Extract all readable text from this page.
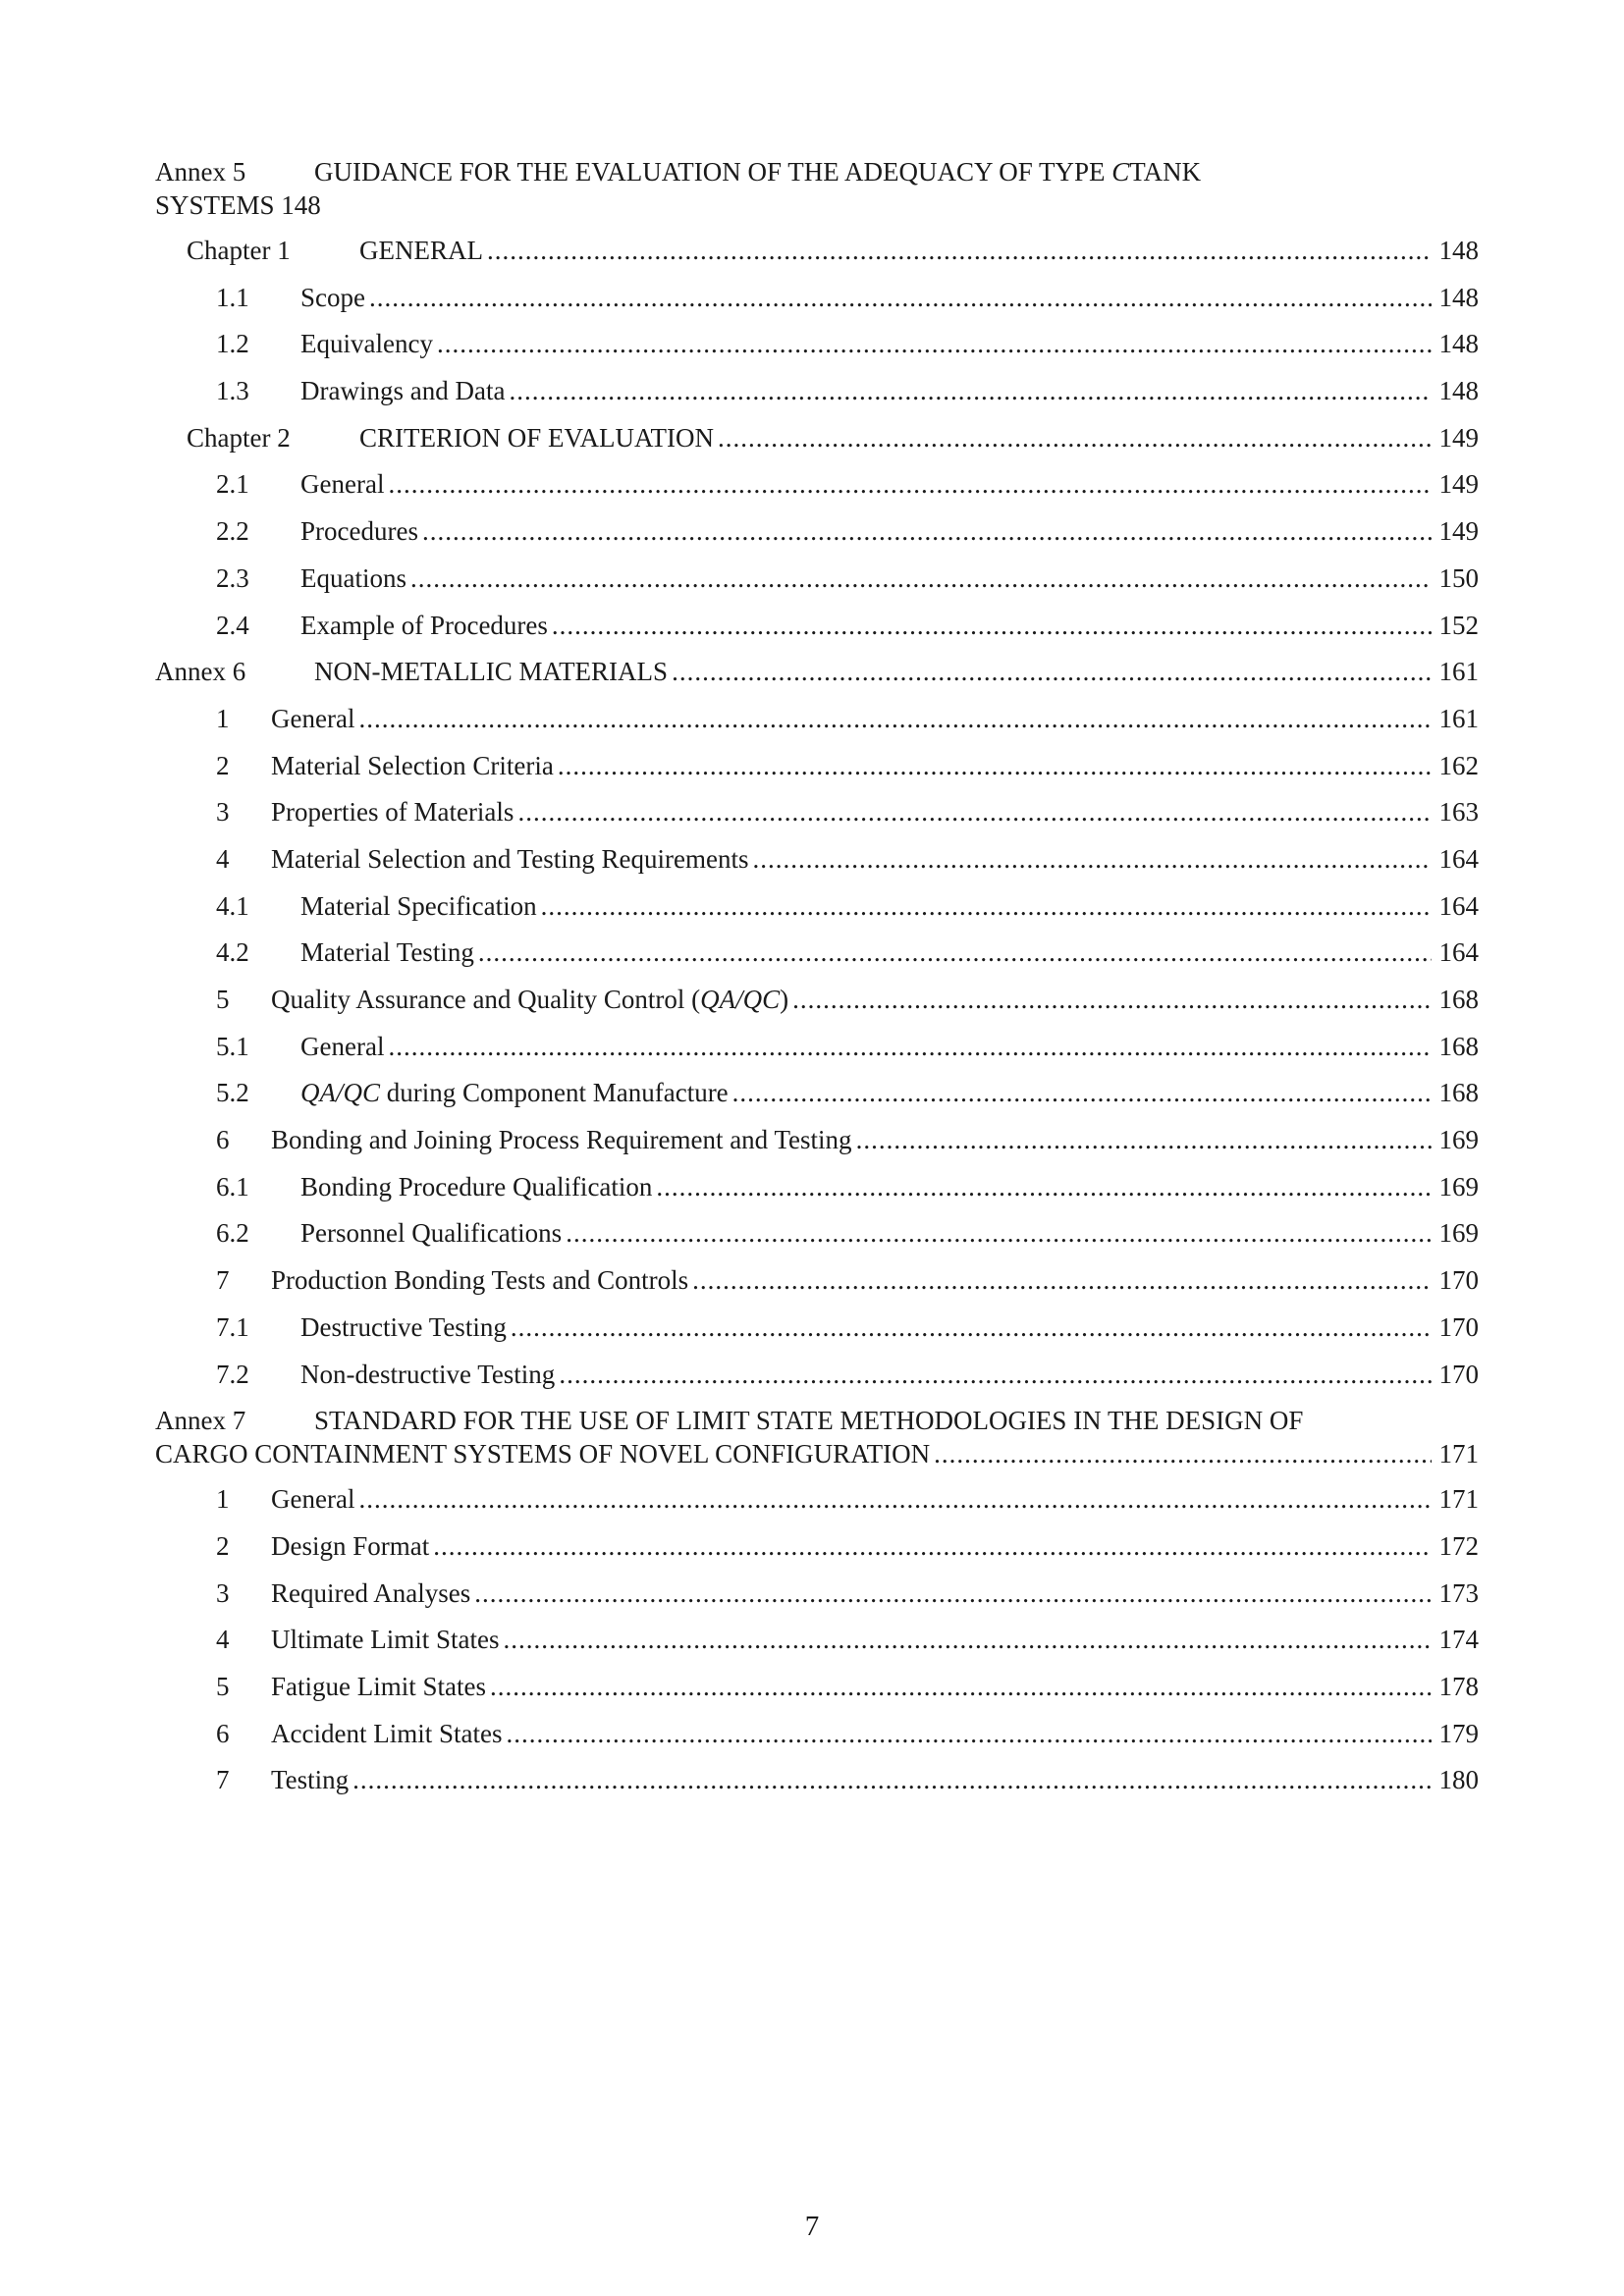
Annex 5	GUIDANCE FOR THE EVALUATION OF THE ADEQUACY OF TYPE CTANK
SYSTEMS 148
Chapter 1	GENERAL .....	148
1.1 Scope .....	148
1.2 Equivalency .....	148
1.3 Drawings and Data .....	148
Chapter 2	CRITERION OF EVALUATION .....	149
2.1 General .....	149
2.2 Procedures .....	149
2.3 Equations .....	150
2.4 Example of Procedures .....	152
Annex 6	NON-METALLIC MATERIALS .....	161
1 General .....	161
2 Material Selection Criteria .....	162
3 Properties of Materials .....	163
4 Material Selection and Testing Requirements .....	164
4.1 Material Specification .....	164
4.2 Material Testing .....	164
5 Quality Assurance and Quality Control (QA/QC) .....	168
5.1 General .....	168
5.2 QA/QC during Component Manufacture .....	168
6 Bonding and Joining Process Requirement and Testing .....	169
6.1 Bonding Procedure Qualification .....	169
6.2 Personnel Qualifications .....	169
7 Production Bonding Tests and Controls .....	170
7.1 Destructive Testing .....	170
7.2 Non-destructive Testing .....	170
Annex 7	STANDARD FOR THE USE OF LIMIT STATE METHODOLOGIES IN THE DESIGN OF
CARGO CONTAINMENT SYSTEMS OF NOVEL CONFIGURATION .....	171
1 General .....	171
2 Design Format .....	172
3 Required Analyses .....	173
4 Ultimate Limit States .....	174
5 Fatigue Limit States .....	178
6 Accident Limit States .....	179
7 Testing .....	180
7
